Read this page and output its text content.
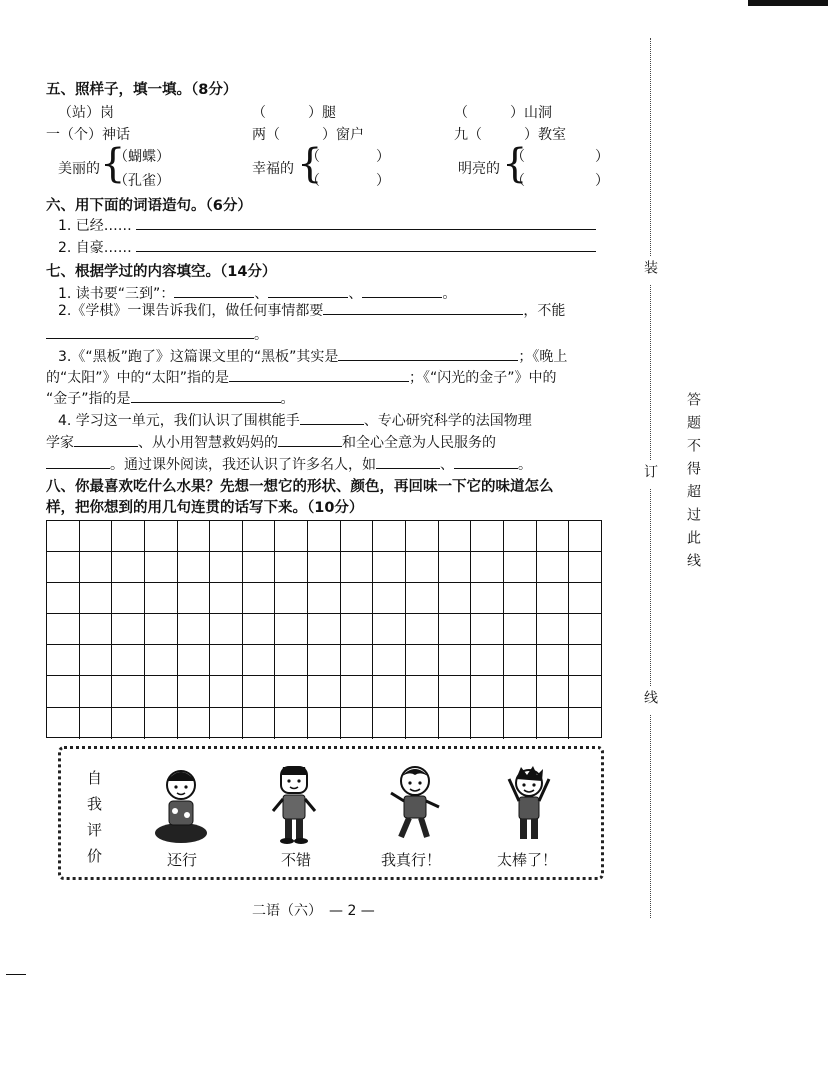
五、照样子，填一填。（8分）
（站）岗	（　　　）腿	（　　　）山洞
一（个）神话	两（　　　）窗户	九（　　　）教室
美丽的 {
（蝴蝶）
（孔雀）
幸福的 {
（　　　　）
（　　　　）
明亮的 {
（　　　　　）
（　　　　　）
六、用下面的词语造句。（6分）
1. 已经……
2. 自豪……
七、根据学过的内容填空。（14分）
1. 读书要“三到”：	、	、	。
2.《学棋》一课告诉我们，做任何事情都要	，不能
。
3.《“黑板”跑了》这篇课文里的“黑板”其实是	；《晚上
的“太阳”》中的“太阳”指的是	；《“闪光的金子”》中的
“金子”指的是	。
4. 学习这一单元，我们认识了围棋能手	、专心研究科学的法国物理
学家	、从小用智慧救妈妈的	和全心全意为人民服务的
。通过课外阅读，我还认识了许多名人，如	、	。
八、你最喜欢吃什么水果？先想一想它的形状、颜色，再回味一下它的味道怎么
样，把你想到的用几句连贯的话写下来。（10分）
自我评价	还行	不错	我真行！	太棒了！
二语（六）　— 2 —
装
订
线
答题不得超过此线
